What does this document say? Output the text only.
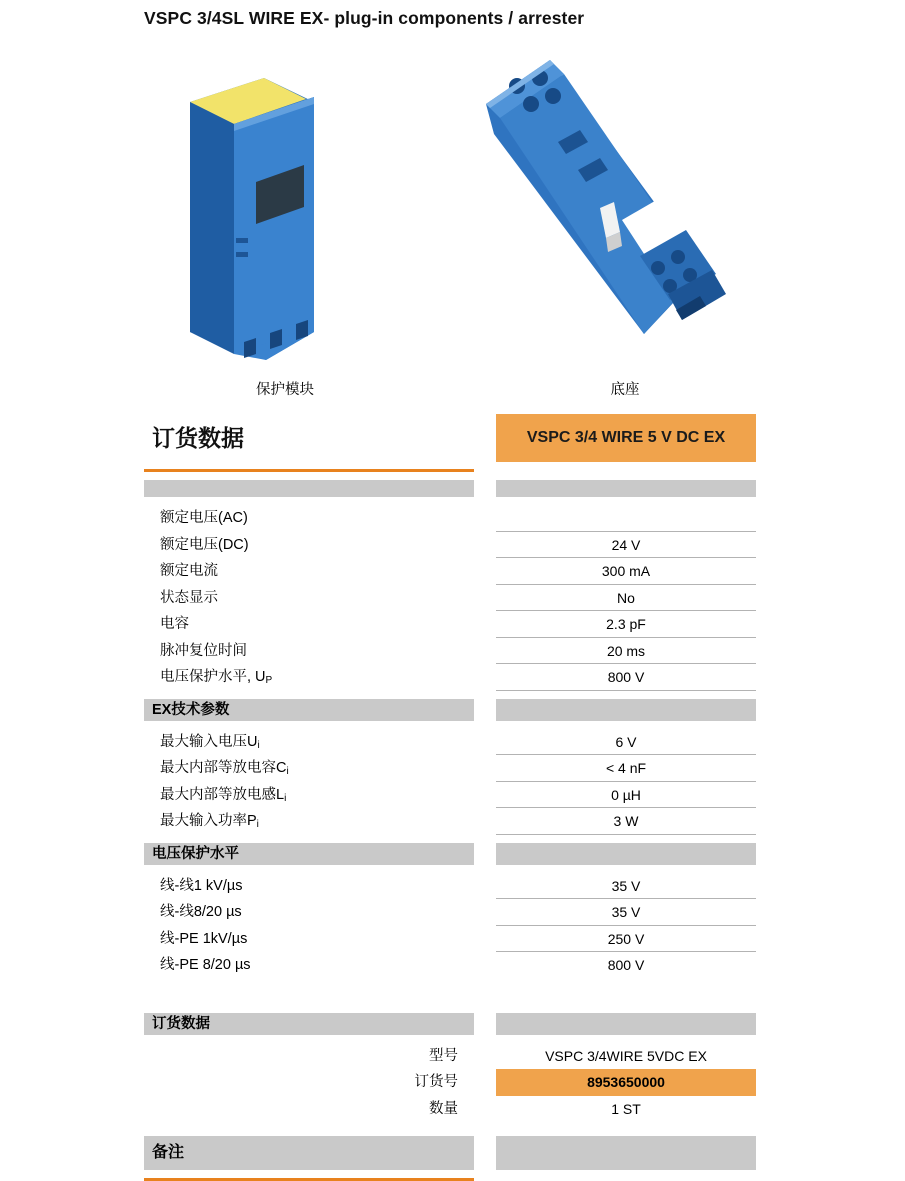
VSPC 3/4SL WIRE EX- plug-in components / arrester
保护模块	底座
订货数据	VSPC 3/4 WIRE 5 V DC EX
额定电压(AC)
额定电压(DC)	24 V
额定电流	300 mA
状态显示	No
电容	2.3 pF
脉冲复位时间	20 ms
电压保护水平, UP	800 V
EX技术参数
最大输入电压Ui	6 V
最大内部等放电容Ci	< 4 nF
最大内部等放电感Li	0 µH
最大输入功率Pi	3 W
电压保护水平
线-线1 kV/µs	35 V
线-线8/20 µs	35 V
线-PE 1kV/µs	250 V
线-PE 8/20 µs	800 V
订货数据
型号	VSPC 3/4WIRE 5VDC EX
订货号	8953650000
数量	1 ST
备注
